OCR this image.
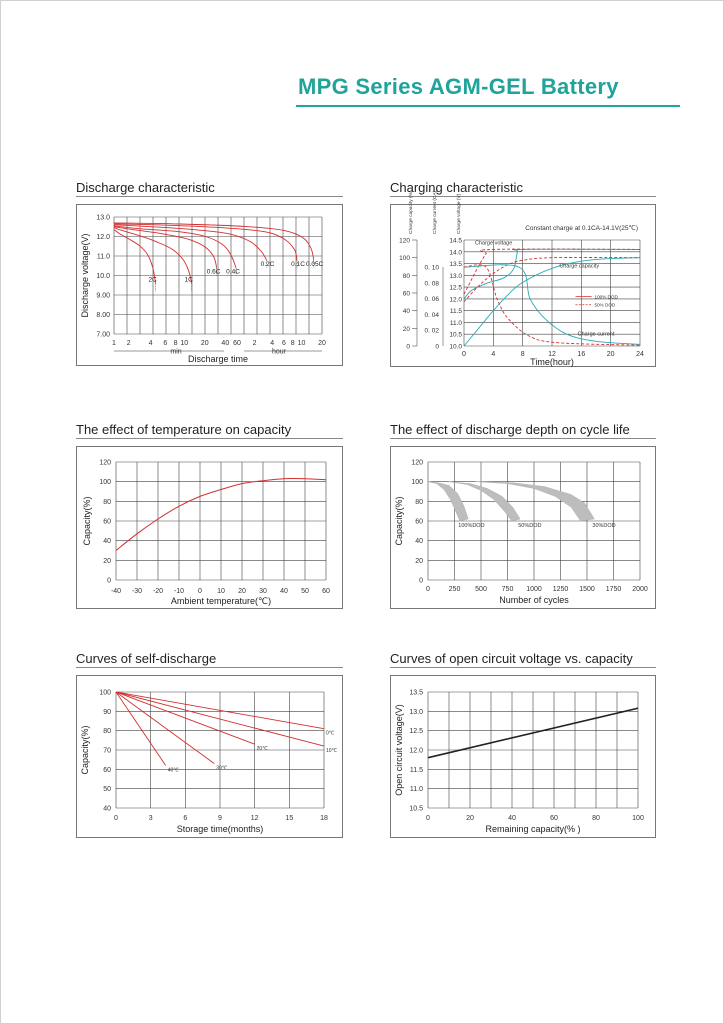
MPG Series AGM-GEL Battery
Discharge characteristic	Charging characteristic
The effect of temperature on capacity	The effect of discharge depth on cycle life
Curves of self-discharge	Curves of open circuit voltage vs. capacity
1 2	4 6 8 10 20 40 60 2 4 6 8 10 20
13.0
12.0
11.0
10.0
9.00
8.00
7.00
min	hour
Discharge time
Discharge voltage(V)	2C	1C
0.6C 0.4C
0.2C	0.1C 0.05C
0	4	8	12	16	20	24
Time(hour)
14.5
14.0
13.5
13.0
12.5
12.0
11.5
11.0
10.5
10.0
0. 10
0. 08
0. 06
0. 04
0. 02
0
120
100
80
60
40
20
0
Charge capacity (%)	Charge current (CA)	Charge voltage (V)	Constant charge at 0.1CA-14.1V(25℃)
Charge voltage
Charge capacity
Charge current
100% DOD
50% DOD
-40 -30 -20 -10 0 10 20 30 40 50 60
120
100
80
60
40
20
0
Ambient temperature(℃)
Capacity(%)
0	250 500 750 1000 1250 1500 1750 2000
120
100
80
60
40
20
0
Number of cycles
Capacity(%)	100%DOD	50%DOD	30%DOD
0	3	6	9	12	15	18
100
90
80
70
60
50
40
Storage time(months)
Capacity(%)	0℃
10℃
20℃
30℃
40℃
0	20	40	60	80	100
13.5
13.0
12.5
12.0
11.5
11.0
10.5
Remaining capacity(% )
Open circuit voltage(V)
